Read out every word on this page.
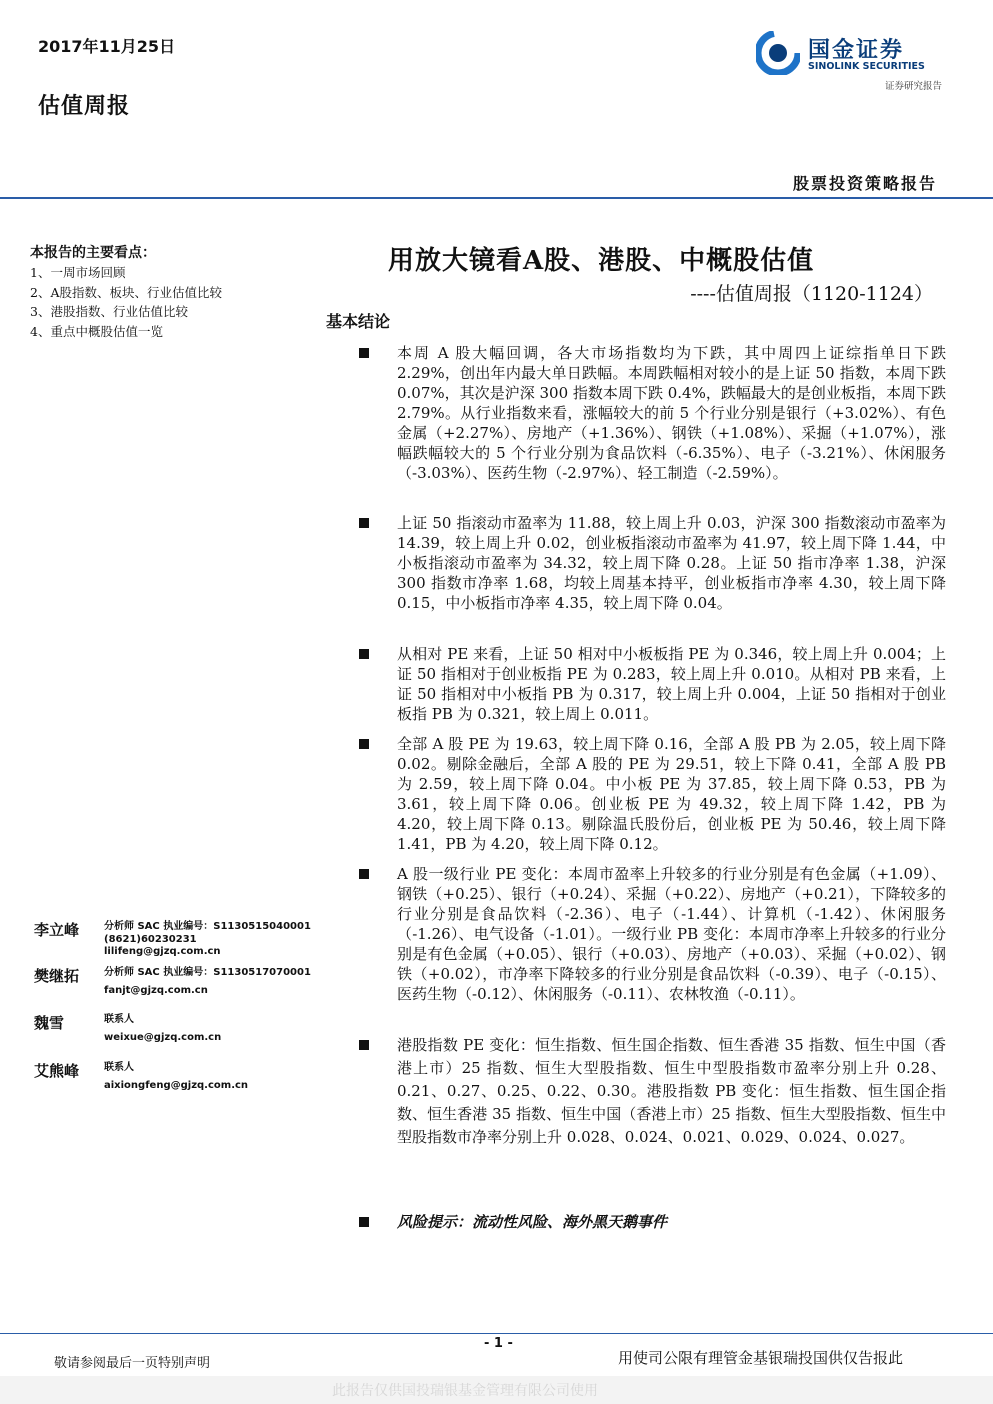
2017年11月25日
估值周报
国金证券
SINOLINK SECURITIES
证券研究报告
股票投资策略报告
本报告的主要看点：
1、一周市场回顾
2、A股指数、板块、行业估值比较
3、港股指数、行业估值比较
4、重点中概股估值一览
用放大镜看A股、港股、中概股估值
----估值周报（1120-1124）
基本结论
本周 A 股大幅回调，各大市场指数均为下跌，其中周四上证综指单日下跌 2.29%，创出年内最大单日跌幅。本周跌幅相对较小的是上证 50 指数，本周下跌 0.07%，其次是沪深 300 指数本周下跌 0.4%，跌幅最大的是创业板指，本周下跌 2.79%。从行业指数来看，涨幅较大的前 5 个行业分别是银行（+3.02%）、有色金属（+2.27%）、房地产（+1.36%）、钢铁（+1.08%）、采掘（+1.07%），涨幅跌幅较大的 5 个行业分别为食品饮料（-6.35%）、电子（-3.21%）、休闲服务（-3.03%）、医药生物（-2.97%）、轻工制造（-2.59%）。
上证 50 指滚动市盈率为 11.88，较上周上升 0.03，沪深 300 指数滚动市盈率为 14.39，较上周上升 0.02，创业板指滚动市盈率为 41.97，较上周下降 1.44，中小板指滚动市盈率为 34.32，较上周下降 0.28。上证 50 指市净率 1.38，沪深 300 指数市净率 1.68，均较上周基本持平，创业板指市净率 4.30，较上周下降 0.15，中小板指市净率 4.35，较上周下降 0.04。
从相对 PE 来看，上证 50 相对中小板板指 PE 为 0.346，较上周上升 0.004；上证 50 指相对于创业板指 PE 为 0.283，较上周上升 0.010。从相对 PB 来看，上证 50 指相对中小板指 PB 为 0.317，较上周上升 0.004，上证 50 指相对于创业板指 PB 为 0.321，较上周上 0.011。
全部 A 股 PE 为 19.63，较上周下降 0.16，全部 A 股 PB 为 2.05，较上周下降 0.02。剔除金融后，全部 A 股的 PE 为 29.51，较上下降 0.41，全部 A 股 PB 为 2.59，较上周下降 0.04。中小板 PE 为 37.85，较上周下降 0.53，PB 为 3.61，较上周下降 0.06。创业板 PE 为 49.32，较上周下降 1.42，PB 为 4.20，较上周下降 0.13。剔除温氏股份后，创业板 PE 为 50.46，较上周下降 1.41，PB 为 4.20，较上周下降 0.12。
A 股一级行业 PE 变化：本周市盈率上升较多的行业分别是有色金属（+1.09）、钢铁（+0.25）、银行（+0.24）、采掘（+0.22）、房地产（+0.21），下降较多的行业分别是食品饮料（-2.36）、电子（-1.44）、计算机（-1.42）、休闲服务（-1.26）、电气设备（-1.01）。一级行业 PB 变化：本周市净率上升较多的行业分别是有色金属（+0.05）、银行（+0.03）、房地产（+0.03）、采掘（+0.02）、钢铁（+0.02），市净率下降较多的行业分别是食品饮料（-0.39）、电子（-0.15）、医药生物（-0.12）、休闲服务（-0.11）、农林牧渔（-0.11）。
港股指数 PE 变化：恒生指数、恒生国企指数、恒生香港 35 指数、恒生中国（香港上市）25 指数、恒生大型股指数、恒生中型股指数市盈率分别上升 0.28、0.21、0.27、0.25、0.22、0.30。港股指数 PB 变化：恒生指数、恒生国企指数、恒生香港 35 指数、恒生中国（香港上市）25 指数、恒生大型股指数、恒生中型股指数市净率分别上升 0.028、0.024、0.021、0.029、0.024、0.027。
风险提示：流动性风险、海外黑天鹅事件
李立峰 分析师 SAC 执业编号：S1130515040001
(8621)60230231
lilifeng@gjzq.com.cn
樊继拓 分析师 SAC 执业编号：S1130517070001
fanjt@gjzq.com.cn
魏雪	联系人
weixue@gjzq.com.cn
艾熊峰 联系人
aixiongfeng@gjzq.com.cn
- 1 -
敬请参阅最后一页特别声明	用使司公限有理管金基银瑞投国供仅告报此
此报告仅供国投瑞银基金管理有限公司使用
